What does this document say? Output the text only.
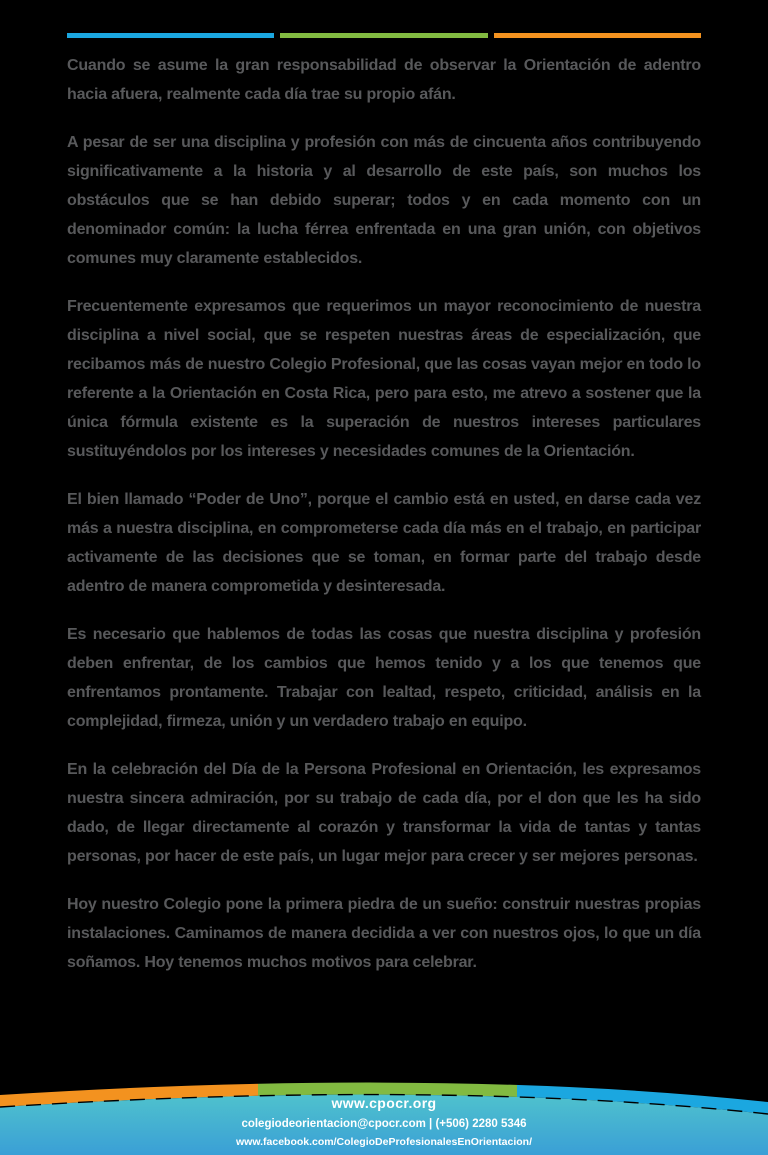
Cuando se asume la gran responsabilidad de observar la Orientación de adentro hacia afuera, realmente cada día trae su propio afán.

A pesar de ser una disciplina y profesión con más de cincuenta años contribuyendo significativamente a la historia y al desarrollo de este país, son muchos los obstáculos que se han debido superar; todos y en cada momento con un denominador común: la lucha férrea enfrentada en una gran unión, con objetivos comunes muy claramente establecidos.

Frecuentemente expresamos que requerimos un mayor reconocimiento de nuestra disciplina a nivel social, que se respeten nuestras áreas de especialización, que recibamos más de nuestro Colegio Profesional, que las cosas vayan mejor en todo lo referente a la Orientación en Costa Rica, pero para esto, me atrevo a sostener que la única fórmula existente es la superación de nuestros intereses particulares sustituyéndolos por los intereses y necesidades comunes de la Orientación.

El bien llamado “Poder de Uno”, porque el cambio está en usted, en darse cada vez más a nuestra disciplina, en comprometerse cada día más en el trabajo, en participar activamente de las decisiones que se toman, en formar parte del trabajo desde adentro de manera comprometida y desinteresada.

Es necesario que hablemos de todas las cosas que nuestra disciplina y profesión deben enfrentar, de los cambios que hemos tenido y a los que tenemos que enfrentamos prontamente. Trabajar con lealtad, respeto, criticidad, análisis en la complejidad, firmeza, unión y un verdadero trabajo en equipo.

En la celebración del Día de la Persona Profesional en Orientación, les expresamos nuestra sincera admiración, por su trabajo de cada día, por el don que les ha sido dado, de llegar directamente al corazón y transformar la vida de tantas y tantas personas, por hacer de este país, un lugar mejor para crecer y ser mejores personas.

Hoy nuestro Colegio pone la primera piedra de un sueño: construir nuestras propias instalaciones. Caminamos de manera decidida a ver con nuestros ojos, lo que un día soñamos. Hoy tenemos muchos motivos para celebrar.

www.cpocr.org
colegiodeorientacion@cpocr.com | (+506) 2280 5346
www.facebook.com/ColegioDeProfesionalesEnOrientacion/
